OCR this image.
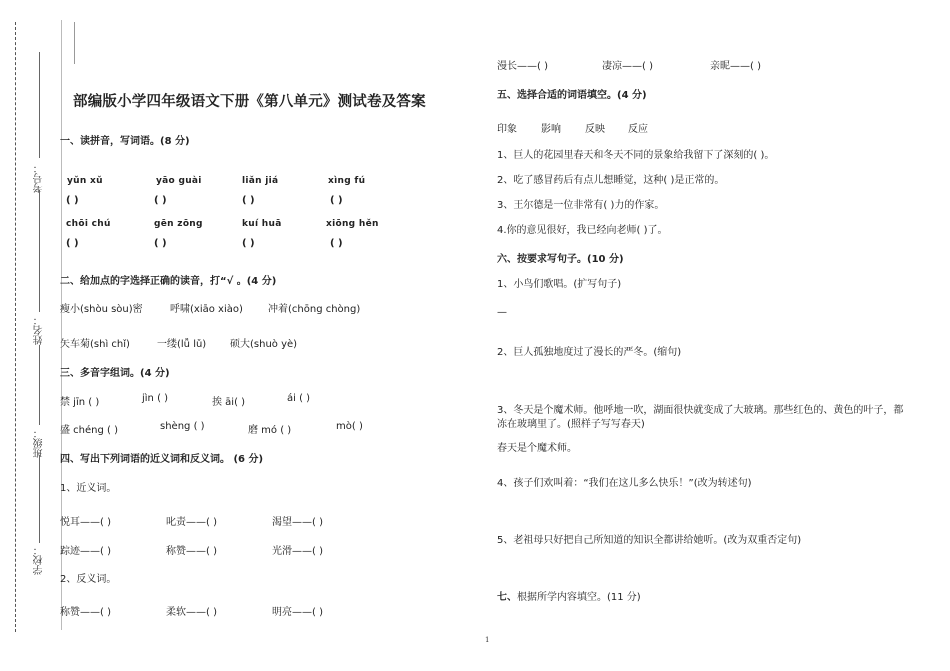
考号：
姓名：
班级：
学校：
部编版小学四年级语文下册《第八单元》测试卷及答案
一、读拼音，写词语。(8 分)
yǔn xǔ	yāo guài	liǎn jiá	xìng fú
( )	( )	( )	( )
chōi chú	gēn zōng	kuí huā	xiōng hěn
( )	( )	( )	( )
二、给加点的字选择正确的读音，打“√ 。(4 分)
瘦小(shòu sòu)密	呼啸(xiāo xiào)	冲着(chōng chòng)
矢车菊(shì chǐ)	一缕(lǚ lǔ) 硕大(shuò yè)
三、多音字组词。(4 分)
禁 jīn ( )	jìn ( )	挨 āi( )	ái ( )
盛 chéng ( )	shèng ( )	磨 mó ( )	mò( )
四、写出下列词语的近义词和反义词。 (6 分)
1、近义词。
悦耳——( )	叱责——( )	渴望——( )
踪迹——( )	称赞——( )	光滑——( )
2、反义词。
称赞——( )	柔软——( )	明亮——( )
漫长——( )	凄凉——( )	亲昵——( )
五、选择合适的词语填空。(4 分)
印象 影响 反映 反应
1、巨人的花园里春天和冬天不同的景象给我留下了深刻的( )。
2、吃了感冒药后有点儿想睡觉，这种( )是正常的。
3、王尔德是一位非常有( )力的作家。
4.你的意见很好，我已经向老师( )了。
六、按要求写句子。(10 分)
1、小鸟们歌唱。(扩写句子)
—
2、巨人孤独地度过了漫长的严冬。(缩句)
3、冬天是个魔术师。他呼地一吹，湖面很快就变成了大玻璃。那些红色的、黄色的叶子，都
冻在玻璃里了。(照样子写写春天)
春天是个魔术师。
4、孩子们欢叫着：“我们在这儿多么快乐！”(改为转述句)
5、老祖母只好把自己所知道的知识全都讲给她听。(改为双重否定句)
七、根据所学内容填空。(11 分)
1
